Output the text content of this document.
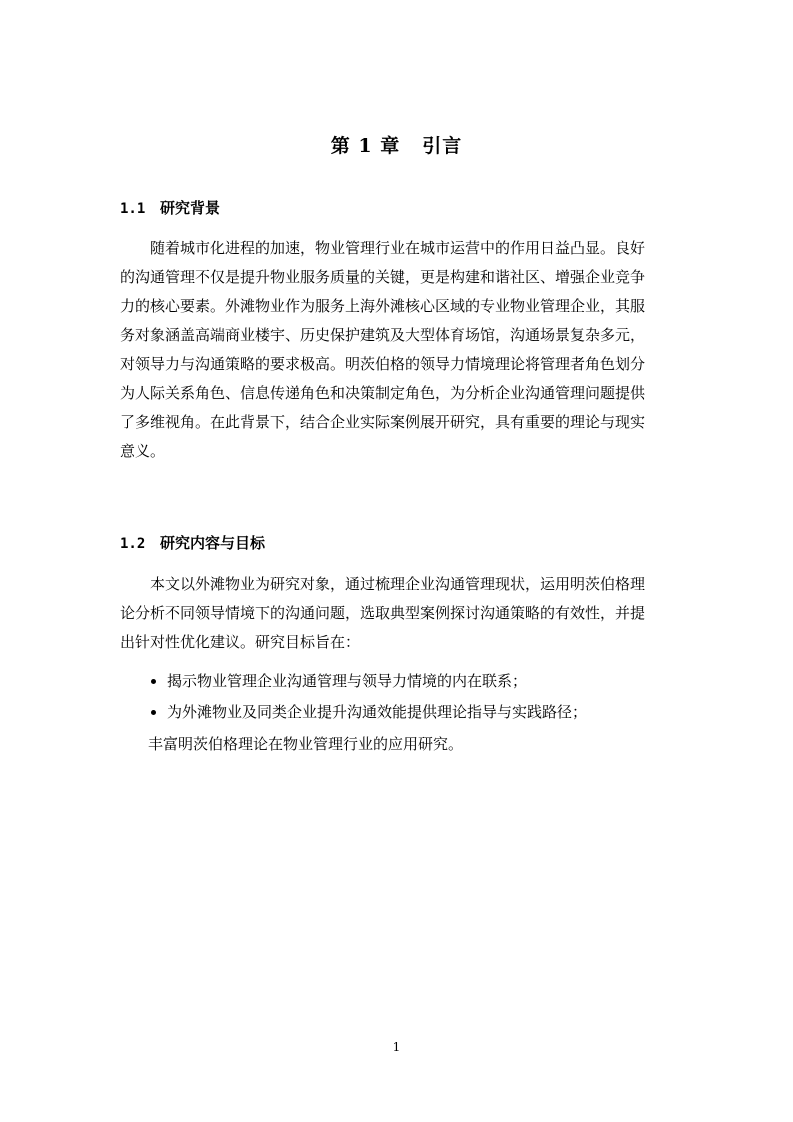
第 1 章 引言
1.1 研究背景

随着城市化进程的加速，物业管理行业在城市运营中的作用日益凸显。良好
的沟通管理不仅是提升物业服务质量的关键，更是构建和谐社区、增强企业竞争
力的核心要素。外滩物业作为服务上海外滩核心区域的专业物业管理企业，其服
务对象涵盖高端商业楼宇、历史保护建筑及大型体育场馆，沟通场景复杂多元，
对领导力与沟通策略的要求极高。明茨伯格的领导力情境理论将管理者角色划分
为人际关系角色、信息传递角色和决策制定角色，为分析企业沟通管理问题提供
了多维视角。在此背景下，结合企业实际案例展开研究，具有重要的理论与现实
意义。

1.2 研究内容与目标

本文以外滩物业为研究对象，通过梳理企业沟通管理现状，运用明茨伯格理
论分析不同领导情境下的沟通问题，选取典型案例探讨沟通策略的有效性，并提
出针对性优化建议。研究目标旨在：

揭示物业管理企业沟通管理与领导力情境的内在联系；
为外滩物业及同类企业提升沟通效能提供理论指导与实践路径；
丰富明茨伯格理论在物业管理行业的应用研究。
1
